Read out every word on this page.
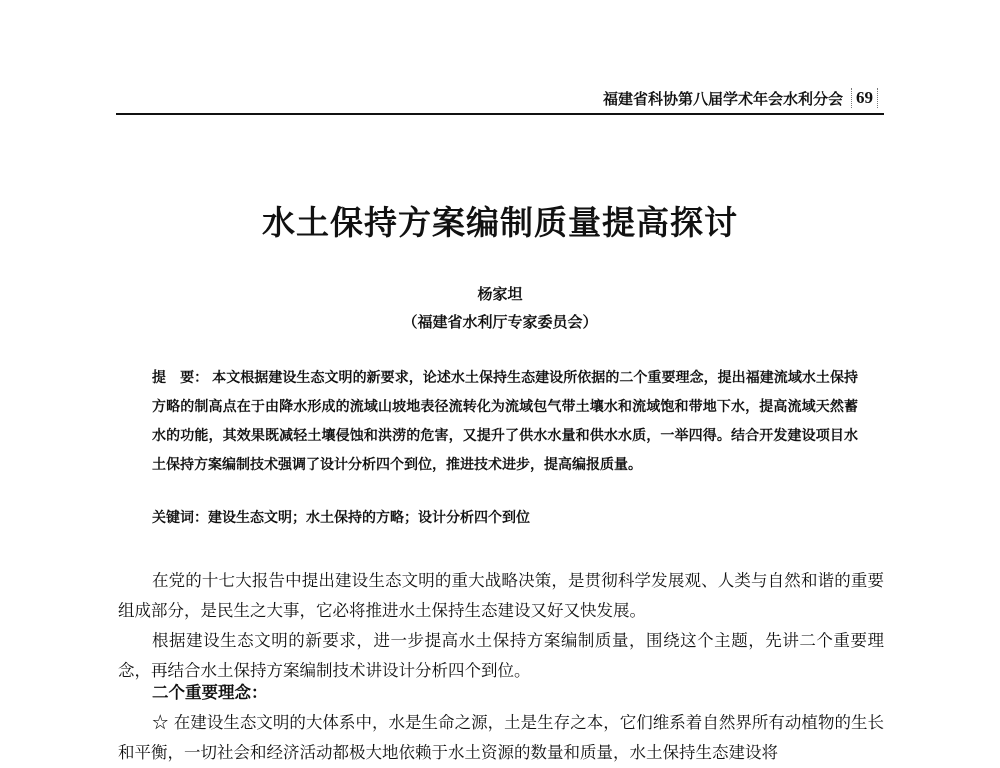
福建省科协第八届学术年会水利分会 69
水土保持方案编制质量提高探讨
杨家坦
（福建省水利厅专家委员会）

提　要： 本文根据建设生态文明的新要求，论述水土保持生态建设所依据的二个重要理念，提出福建流域水土保持方略的制高点在于由降水形成的流域山坡地表径流转化为流域包气带土壤水和流域饱和带地下水，提高流域天然蓄水的功能，其效果既减轻土壤侵蚀和洪涝的危害，又提升了供水水量和供水水质，一举四得。结合开发建设项目水土保持方案编制技术强调了设计分析四个到位，推进技术进步，提高编报质量。

关键词：建设生态文明；水土保持的方略；设计分析四个到位

在党的十七大报告中提出建设生态文明的重大战略决策，是贯彻科学发展观、人类与自然和谐的重要组成部分，是民生之大事，它必将推进水土保持生态建设又好又快发展。

根据建设生态文明的新要求，进一步提高水土保持方案编制质量，围绕这个主题，先讲二个重要理念，再结合水土保持方案编制技术讲设计分析四个到位。

二个重要理念：

☆ 在建设生态文明的大体系中，水是生命之源，土是生存之本，它们维系着自然界所有动植物的生长和平衡，一切社会和经济活动都极大地依赖于水土资源的数量和质量，水土保持生态建设将
